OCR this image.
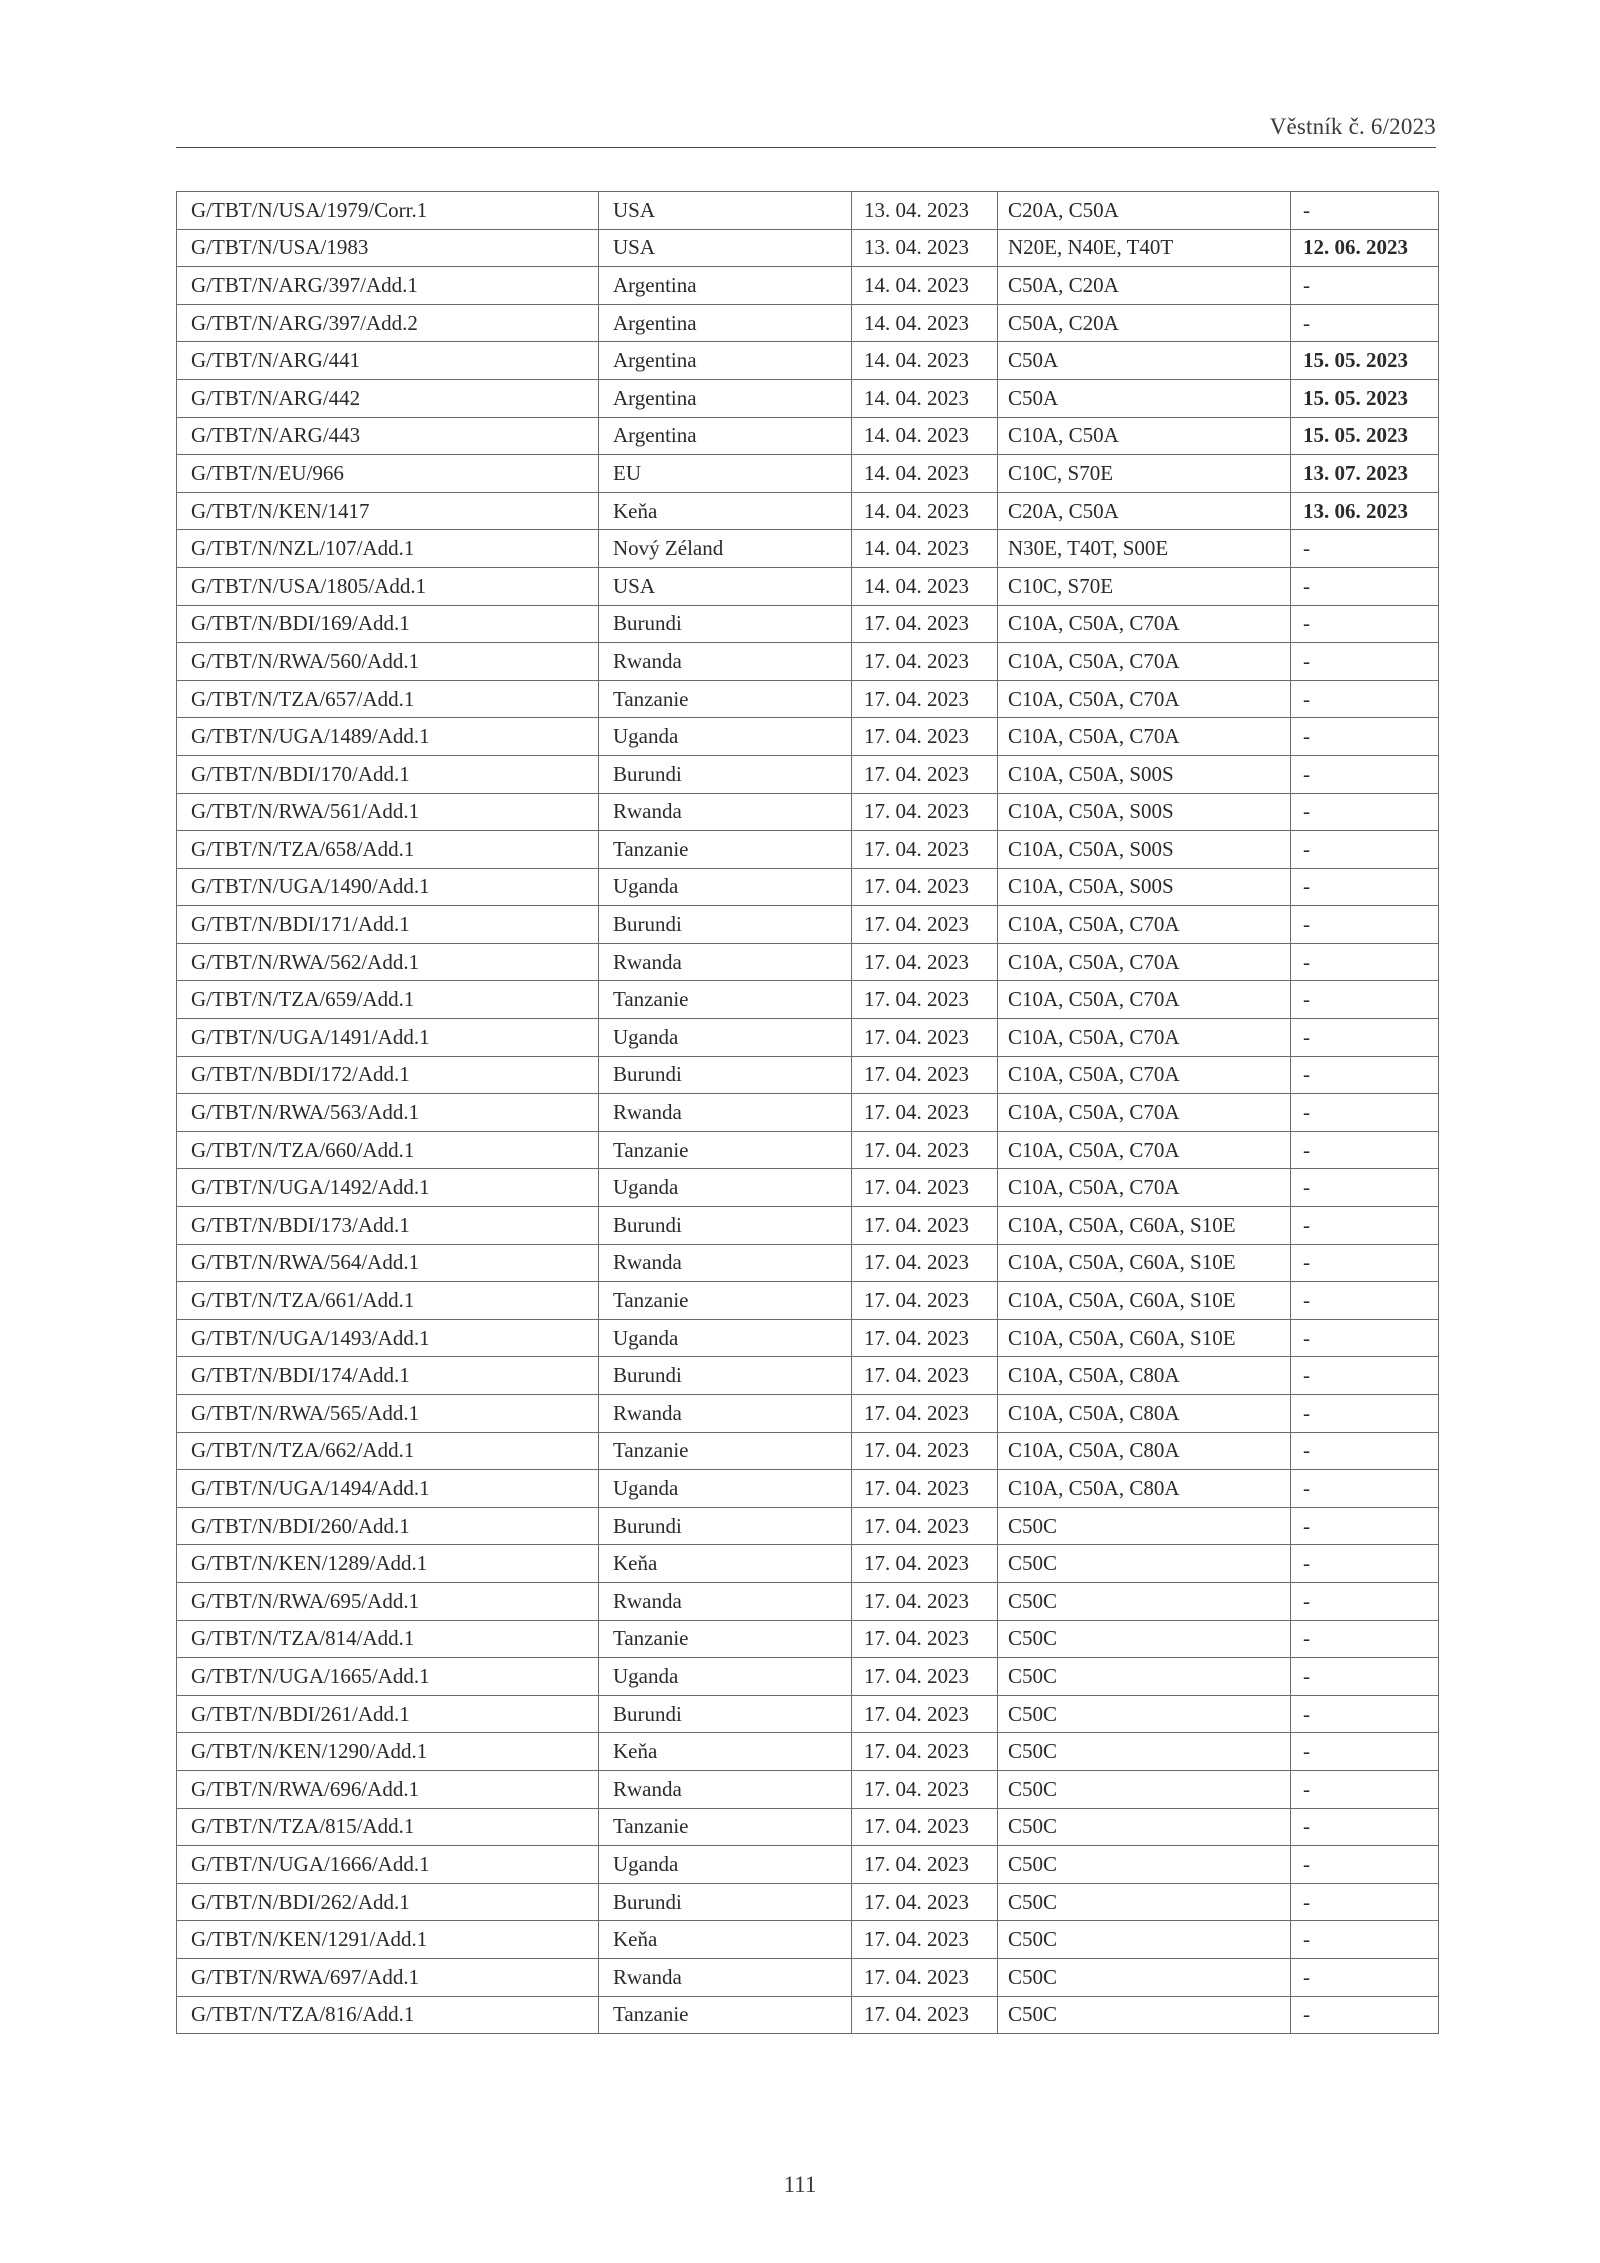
Věstník č. 6/2023
G/TBT/N/USA/1979/Corr.1	USA	13. 04. 2023	C20A, C50A	-
G/TBT/N/USA/1983	USA	13. 04. 2023	N20E, N40E, T40T	12. 06. 2023
G/TBT/N/ARG/397/Add.1	Argentina	14. 04. 2023	C50A, C20A	-
G/TBT/N/ARG/397/Add.2	Argentina	14. 04. 2023	C50A, C20A	-
G/TBT/N/ARG/441	Argentina	14. 04. 2023	C50A	15. 05. 2023
G/TBT/N/ARG/442	Argentina	14. 04. 2023	C50A	15. 05. 2023
G/TBT/N/ARG/443	Argentina	14. 04. 2023	C10A, C50A	15. 05. 2023
G/TBT/N/EU/966	EU	14. 04. 2023	C10C, S70E	13. 07. 2023
G/TBT/N/KEN/1417	Keňa	14. 04. 2023	C20A, C50A	13. 06. 2023
G/TBT/N/NZL/107/Add.1	Nový Zéland	14. 04. 2023	N30E, T40T, S00E	-
G/TBT/N/USA/1805/Add.1	USA	14. 04. 2023	C10C, S70E	-
G/TBT/N/BDI/169/Add.1	Burundi	17. 04. 2023	C10A, C50A, C70A	-
G/TBT/N/RWA/560/Add.1	Rwanda	17. 04. 2023	C10A, C50A, C70A	-
G/TBT/N/TZA/657/Add.1	Tanzanie	17. 04. 2023	C10A, C50A, C70A	-
G/TBT/N/UGA/1489/Add.1	Uganda	17. 04. 2023	C10A, C50A, C70A	-
G/TBT/N/BDI/170/Add.1	Burundi	17. 04. 2023	C10A, C50A, S00S	-
G/TBT/N/RWA/561/Add.1	Rwanda	17. 04. 2023	C10A, C50A, S00S	-
G/TBT/N/TZA/658/Add.1	Tanzanie	17. 04. 2023	C10A, C50A, S00S	-
G/TBT/N/UGA/1490/Add.1	Uganda	17. 04. 2023	C10A, C50A, S00S	-
G/TBT/N/BDI/171/Add.1	Burundi	17. 04. 2023	C10A, C50A, C70A	-
G/TBT/N/RWA/562/Add.1	Rwanda	17. 04. 2023	C10A, C50A, C70A	-
G/TBT/N/TZA/659/Add.1	Tanzanie	17. 04. 2023	C10A, C50A, C70A	-
G/TBT/N/UGA/1491/Add.1	Uganda	17. 04. 2023	C10A, C50A, C70A	-
G/TBT/N/BDI/172/Add.1	Burundi	17. 04. 2023	C10A, C50A, C70A	-
G/TBT/N/RWA/563/Add.1	Rwanda	17. 04. 2023	C10A, C50A, C70A	-
G/TBT/N/TZA/660/Add.1	Tanzanie	17. 04. 2023	C10A, C50A, C70A	-
G/TBT/N/UGA/1492/Add.1	Uganda	17. 04. 2023	C10A, C50A, C70A	-
G/TBT/N/BDI/173/Add.1	Burundi	17. 04. 2023	C10A, C50A, C60A, S10E	-
G/TBT/N/RWA/564/Add.1	Rwanda	17. 04. 2023	C10A, C50A, C60A, S10E	-
G/TBT/N/TZA/661/Add.1	Tanzanie	17. 04. 2023	C10A, C50A, C60A, S10E	-
G/TBT/N/UGA/1493/Add.1	Uganda	17. 04. 2023	C10A, C50A, C60A, S10E	-
G/TBT/N/BDI/174/Add.1	Burundi	17. 04. 2023	C10A, C50A, C80A	-
G/TBT/N/RWA/565/Add.1	Rwanda	17. 04. 2023	C10A, C50A, C80A	-
G/TBT/N/TZA/662/Add.1	Tanzanie	17. 04. 2023	C10A, C50A, C80A	-
G/TBT/N/UGA/1494/Add.1	Uganda	17. 04. 2023	C10A, C50A, C80A	-
G/TBT/N/BDI/260/Add.1	Burundi	17. 04. 2023	C50C	-
G/TBT/N/KEN/1289/Add.1	Keňa	17. 04. 2023	C50C	-
G/TBT/N/RWA/695/Add.1	Rwanda	17. 04. 2023	C50C	-
G/TBT/N/TZA/814/Add.1	Tanzanie	17. 04. 2023	C50C	-
G/TBT/N/UGA/1665/Add.1	Uganda	17. 04. 2023	C50C	-
G/TBT/N/BDI/261/Add.1	Burundi	17. 04. 2023	C50C	-
G/TBT/N/KEN/1290/Add.1	Keňa	17. 04. 2023	C50C	-
G/TBT/N/RWA/696/Add.1	Rwanda	17. 04. 2023	C50C	-
G/TBT/N/TZA/815/Add.1	Tanzanie	17. 04. 2023	C50C	-
G/TBT/N/UGA/1666/Add.1	Uganda	17. 04. 2023	C50C	-
G/TBT/N/BDI/262/Add.1	Burundi	17. 04. 2023	C50C	-
G/TBT/N/KEN/1291/Add.1	Keňa	17. 04. 2023	C50C	-
G/TBT/N/RWA/697/Add.1	Rwanda	17. 04. 2023	C50C	-
G/TBT/N/TZA/816/Add.1	Tanzanie	17. 04. 2023	C50C	-
111
